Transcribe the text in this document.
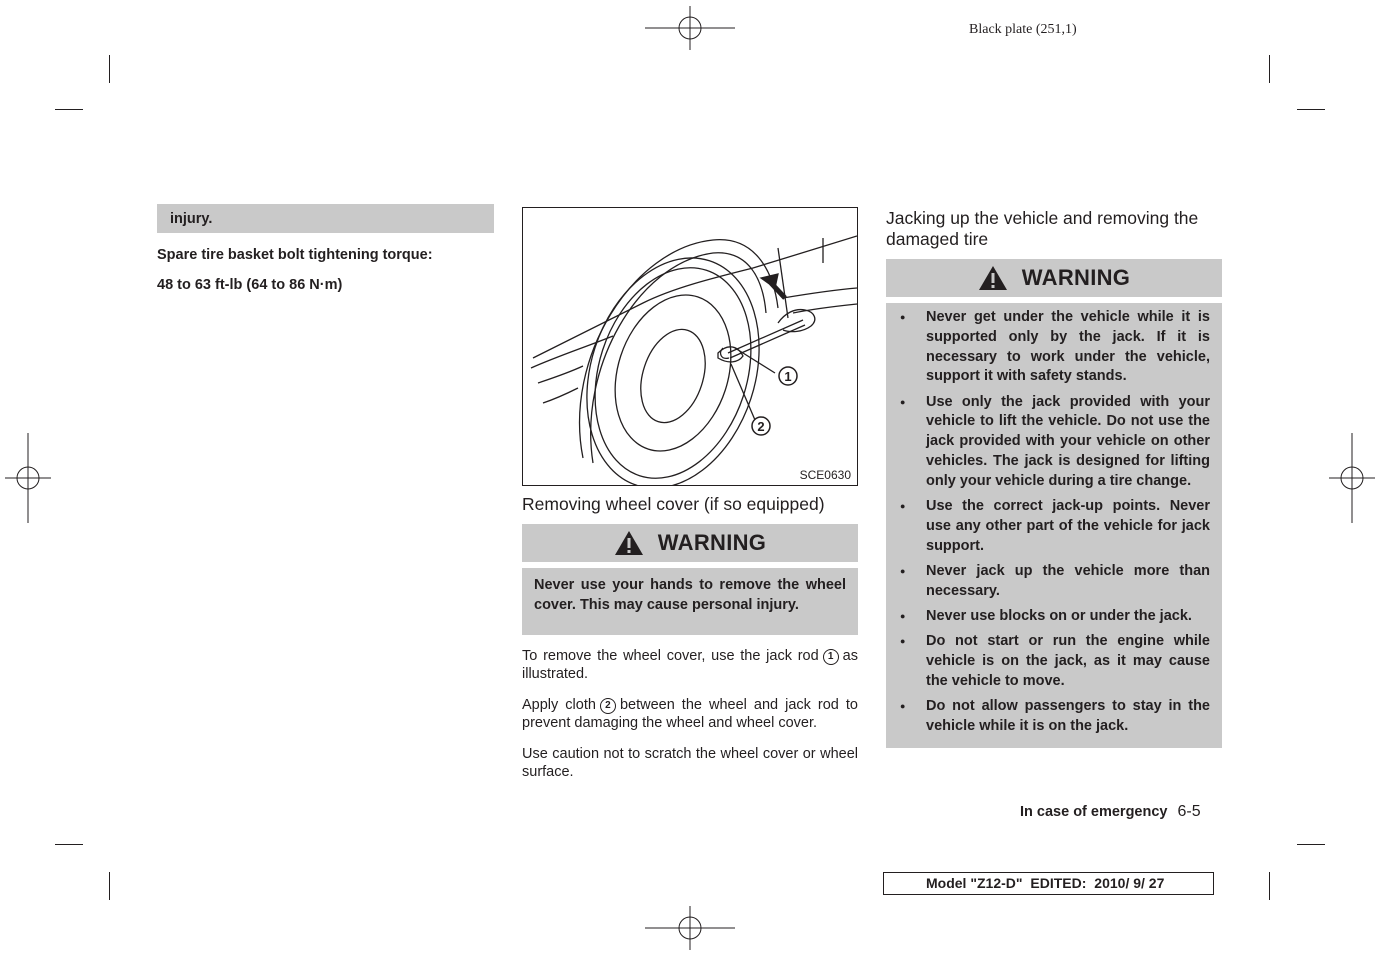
Black plate (251,1)
injury.
Spare tire basket bolt tightening torque:
48 to 63 ft-lb (64 to 86 N·m)
1
2
SCE0630
Removing wheel cover (if so equipped)
WARNING
Never use your hands to remove the wheel cover. This may cause personal injury.

To remove the wheel cover, use the jack rod 1 as illustrated.

Apply cloth 2 between the wheel and jack rod to prevent damaging the wheel and wheel cover.

Use caution not to scratch the wheel cover or wheel surface.

Jacking up the vehicle and removing the damaged tire
WARNING
● Never get under the vehicle while it is supported only by the jack. If it is necessary to work under the vehicle, support it with safety stands.
● Use only the jack provided with your vehicle to lift the vehicle. Do not use the jack provided with your vehicle on other vehicles. The jack is designed for lifting only your vehicle during a tire change.
● Use the correct jack-up points. Never use any other part of the vehicle for jack support.
● Never jack up the vehicle more than necessary.
● Never use blocks on or under the jack.
● Do not start or run the engine while vehicle is on the jack, as it may cause the vehicle to move.
● Do not allow passengers to stay in the vehicle while it is on the jack.
In case of emergency 6-5
Model "Z12-D" EDITED: 2010/ 9/ 27
